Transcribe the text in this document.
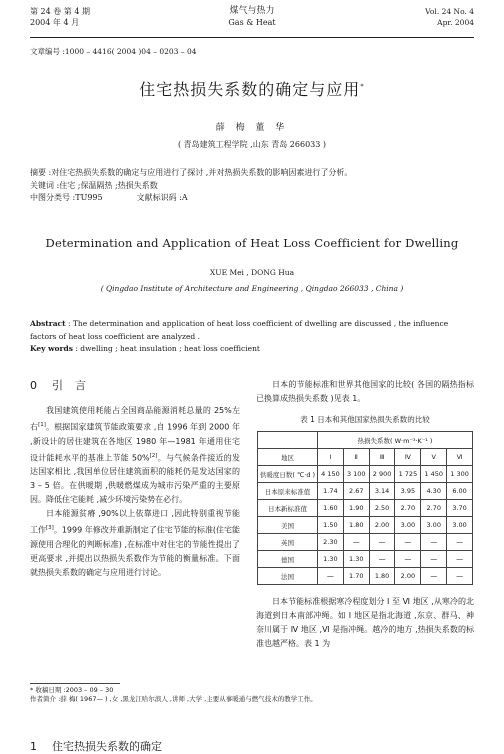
第 24 卷 第 4 期
2004 年 4 月
煤气与热力
Gas & Heat
Vol. 24 No. 4
Apr. 2004
文章编号 :1000 – 4416( 2004 )04 – 0203 – 04
住宅热损失系数的确定与应用*
薛 梅 董 华
( 青岛建筑工程学院 ,山东 青岛 266033 )
摘要 :对住宅热损失系数的确定与应用进行了探讨 ,并对热损失系数的影响因素进行了分析。
关键词 :住宅 ;保温隔热 ;热损失系数
中图分类号 :TU995	文献标识码 :A
Determination and Application of Heat Loss Coefficient for Dwelling
XUE Mei , DONG Hua
( Qingdao Institute of Architecture and Engineering , Qingdao 266033 , China )
Abstract : The determination and application of heat loss coefficient of dwelling are discussed , the influence factors of heat loss coefficient are analyzed .
Key words : dwelling ; heat insulation ; heat loss coefficient
0 引言

我国建筑使用耗能占全国商品能源消耗总量的 25%左右[1]。根据国家建筑节能政策要求 ,自 1996 年到 2000 年 ,新设计的居住建筑在各地区 1980 年—1981 年通用住宅设计能耗水平的基准上节能 50%[2]。与气候条件接近的发达国家相比 ,我国单位居住建筑面积的能耗仍是发达国家的 3 – 5 倍。在供暖期 ,供暖燃煤成为城市污染严重的主要原因。降低住宅能耗 ,减少环境污染势在必行。

日本能源贫瘠 ,90%以上依靠进口 ,因此特别重视节能工作[3]。1999 年修改并重新制定了住宅节能的标准(住宅能源使用合理化的判断标准) ,在标准中对住宅的节能性提出了更高要求 ,并提出以热损失系数作为节能的衡量标准。下面就热损失系数的确定与应用进行讨论。

1 住宅热损失系数的确定

日本的节能标准和世界其他国家的比较( 各国的隔热指标已换算成热损失系数 )见表 1。

表 1 日本和其他国家热损失系数的比较
	热损失系数( W·m⁻³·K⁻¹ )					
地区	Ⅰ	Ⅱ	Ⅲ	Ⅳ	Ⅴ	Ⅵ
供暖度日数( ℃·d )	4 150	3 100	2 900	1 725	1 450	1 300
日本原来标准值	1.74	2.67	3.14	3.95	4.30	6.00
日本新标准值	1.60	1.90	2.50	2.70	2.70	3.70
美国	1.50	1.80	2.00	3.00	3.00	3.00
英国	2.30	—	—	—	—	—
德国	1.30	1.30	—	—	—	—
法国	—	1.70	1.80	2.00	—	—

日本节能标准根据寒冷程度划分 Ⅰ 至 Ⅵ 地区 ,从寒冷的北海道到日本南部冲绳。如 Ⅰ 地区是指北海道 ,东京、群马、神奈川属于 Ⅳ 地区 ,Ⅵ 是指冲绳。越冷的地方 ,热损失系数的标准也越严格。表 1 为

* 收稿日期 :2003 – 09 – 30
作者简介 :薛 梅( 1967— ) ,女 ,黑龙江哈尔滨人 ,讲师 ,大学 ,主要从事暖通与燃气技术的教学工作。
